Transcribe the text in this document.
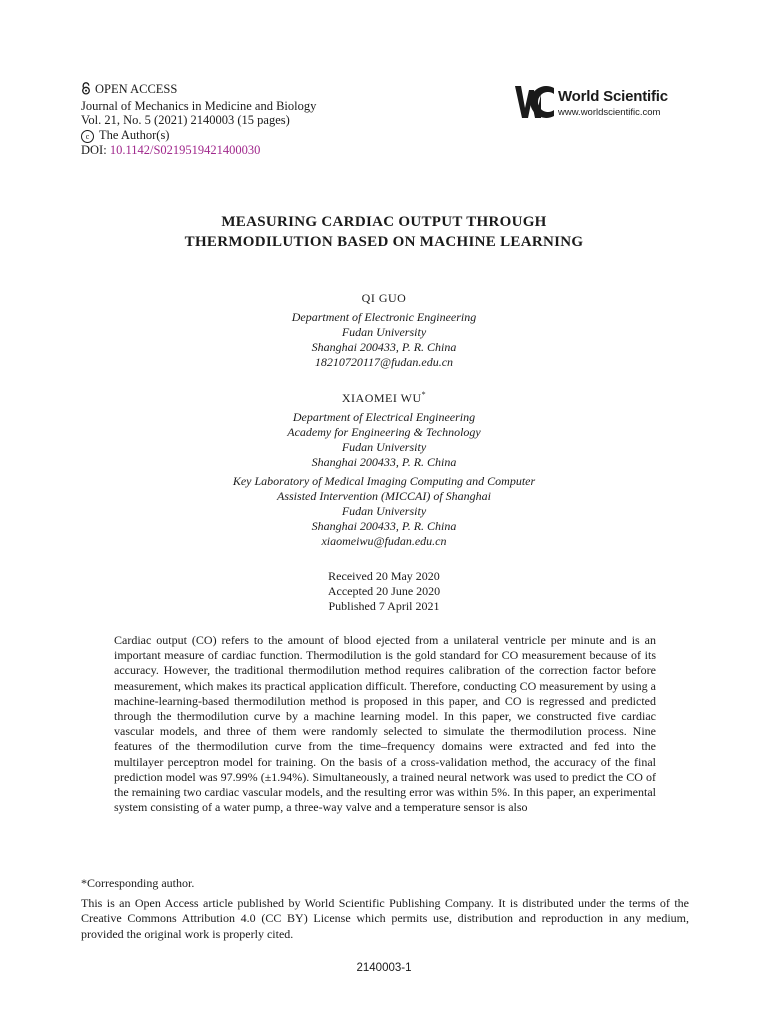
OPEN ACCESS
Journal of Mechanics in Medicine and Biology
Vol. 21, No. 5 (2021) 2140003 (15 pages)
c The Author(s)
DOI: 10.1142/S0219519421400030
World Scientific
www.worldscientific.com
MEASURING CARDIAC OUTPUT THROUGH
THERMODILUTION BASED ON MACHINE LEARNING
QI GUO
Department of Electronic Engineering
Fudan University
Shanghai 200433, P. R. China
18210720117@fudan.edu.cn
XIAOMEI WU*
Department of Electrical Engineering
Academy for Engineering & Technology
Fudan University
Shanghai 200433, P. R. China
Key Laboratory of Medical Imaging Computing and Computer
Assisted Intervention (MICCAI) of Shanghai
Fudan University
Shanghai 200433, P. R. China
xiaomeiwu@fudan.edu.cn
Received 20 May 2020
Accepted 20 June 2020
Published 7 April 2021
Cardiac output (CO) refers to the amount of blood ejected from a unilateral ventricle per minute and is an important measure of cardiac function. Thermodilution is the gold standard for CO measurement because of its accuracy. However, the traditional thermodilution method requires calibration of the correction factor before measurement, which makes its practical application difficult. Therefore, conducting CO measurement by using a machine-learning-based thermodilution method is proposed in this paper, and CO is regressed and predicted through the thermodilution curve by a machine learning model. In this paper, we constructed five cardiac vascular models, and three of them were randomly selected to simulate the thermodilution process. Nine features of the thermodilution curve from the time–frequency domains were extracted and fed into the multilayer perceptron model for training. On the basis of a cross-validation method, the accuracy of the final prediction model was 97.99% (±1.94%). Simultaneously, a trained neural network was used to predict the CO of the remaining two cardiac vascular models, and the resulting error was within 5%. In this paper, an experimental system consisting of a water pump, a three-way valve and a temperature sensor is also

*Corresponding author.

This is an Open Access article published by World Scientific Publishing Company. It is distributed under the terms of the Creative Commons Attribution 4.0 (CC BY) License which permits use, distribution and reproduction in any medium, provided the original work is properly cited.

2140003-1
